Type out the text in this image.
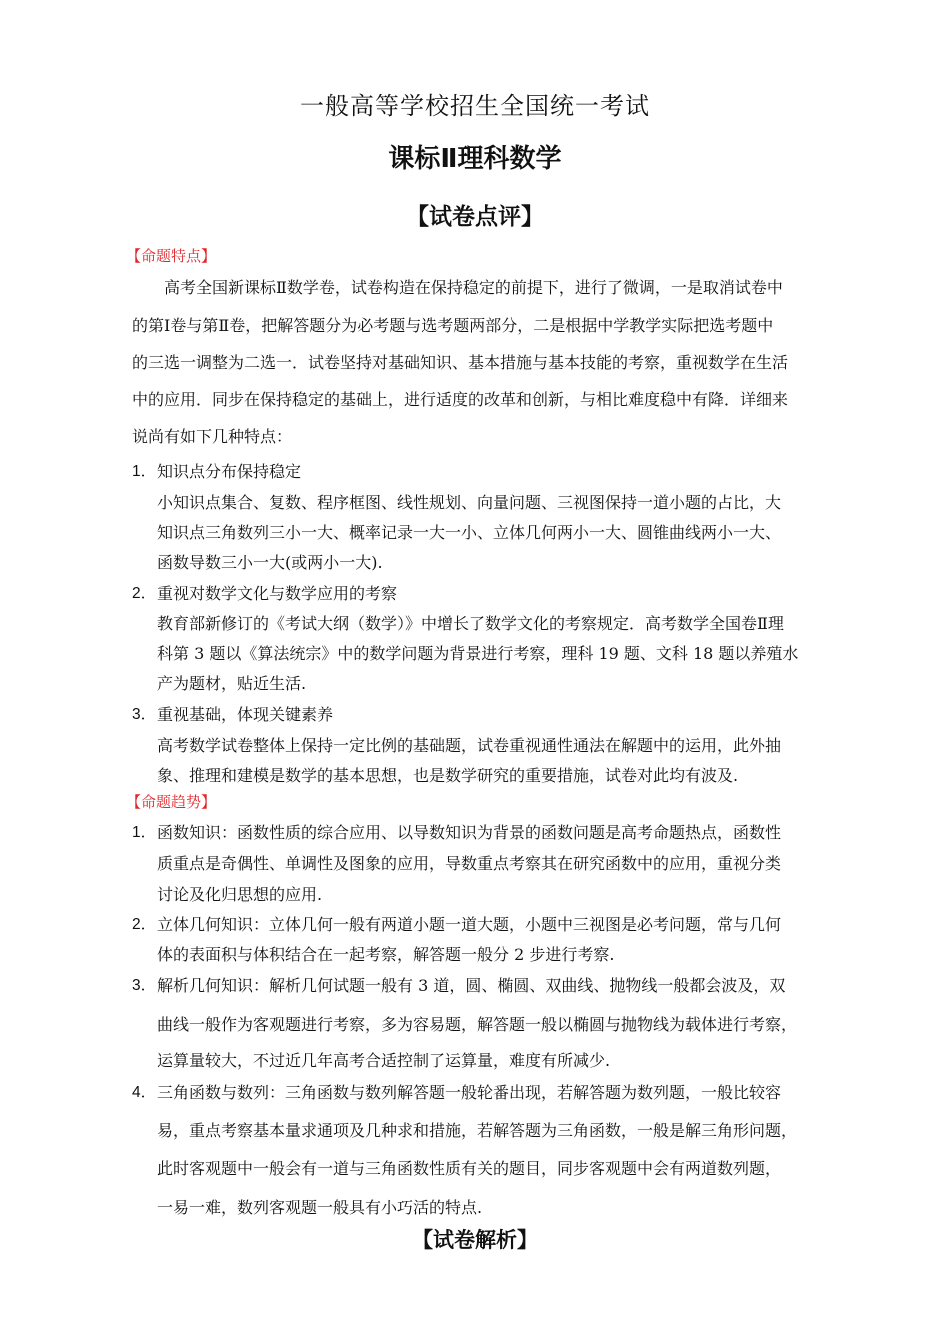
一般高等学校招生全国统一考试
课标Ⅱ理科数学
【试卷点评】
【命题特点】
高考全国新课标Ⅱ数学卷，试卷构造在保持稳定的前提下，进行了微调，一是取消试卷中
的第Ⅰ卷与第Ⅱ卷，把解答题分为必考题与选考题两部分，二是根据中学教学实际把选考题中
的三选一调整为二选一．试卷坚持对基础知识、基本措施与基本技能的考察，重视数学在生活
中的应用．同步在保持稳定的基础上，进行适度的改革和创新，与相比难度稳中有降．详细来
说尚有如下几种特点：
1． 知识点分布保持稳定
小知识点集合、复数、程序框图、线性规划、向量问题、三视图保持一道小题的占比，大
知识点三角数列三小一大、概率记录一大一小、立体几何两小一大、圆锥曲线两小一大、
函数导数三小一大(或两小一大).
2． 重视对数学文化与数学应用的考察
教育部新修订的《考试大纲（数学）》中增长了数学文化的考察规定．高考数学全国卷Ⅱ理
科第 3 题以《算法统宗》中的数学问题为背景进行考察，理科 19 题、文科 18 题以养殖水
产为题材，贴近生活.
3． 重视基础，体现关键素养
高考数学试卷整体上保持一定比例的基础题，试卷重视通性通法在解题中的运用，此外抽
象、推理和建模是数学的基本思想，也是数学研究的重要措施，试卷对此均有波及.
【命题趋势】
1． 函数知识：函数性质的综合应用、以导数知识为背景的函数问题是高考命题热点，函数性
质重点是奇偶性、单调性及图象的应用，导数重点考察其在研究函数中的应用，重视分类
讨论及化归思想的应用.
2． 立体几何知识：立体几何一般有两道小题一道大题，小题中三视图是必考问题，常与几何
体的表面积与体积结合在一起考察，解答题一般分 2 步进行考察.
3． 解析几何知识：解析几何试题一般有 3 道，圆、椭圆、双曲线、抛物线一般都会波及，双
曲线一般作为客观题进行考察，多为容易题，解答题一般以椭圆与抛物线为载体进行考察，
运算量较大，不过近几年高考合适控制了运算量，难度有所减少.
4． 三角函数与数列：三角函数与数列解答题一般轮番出现，若解答题为数列题，一般比较容
易，重点考察基本量求通项及几种求和措施，若解答题为三角函数，一般是解三角形问题，
此时客观题中一般会有一道与三角函数性质有关的题目，同步客观题中会有两道数列题，
一易一难，数列客观题一般具有小巧活的特点.
【试卷解析】
